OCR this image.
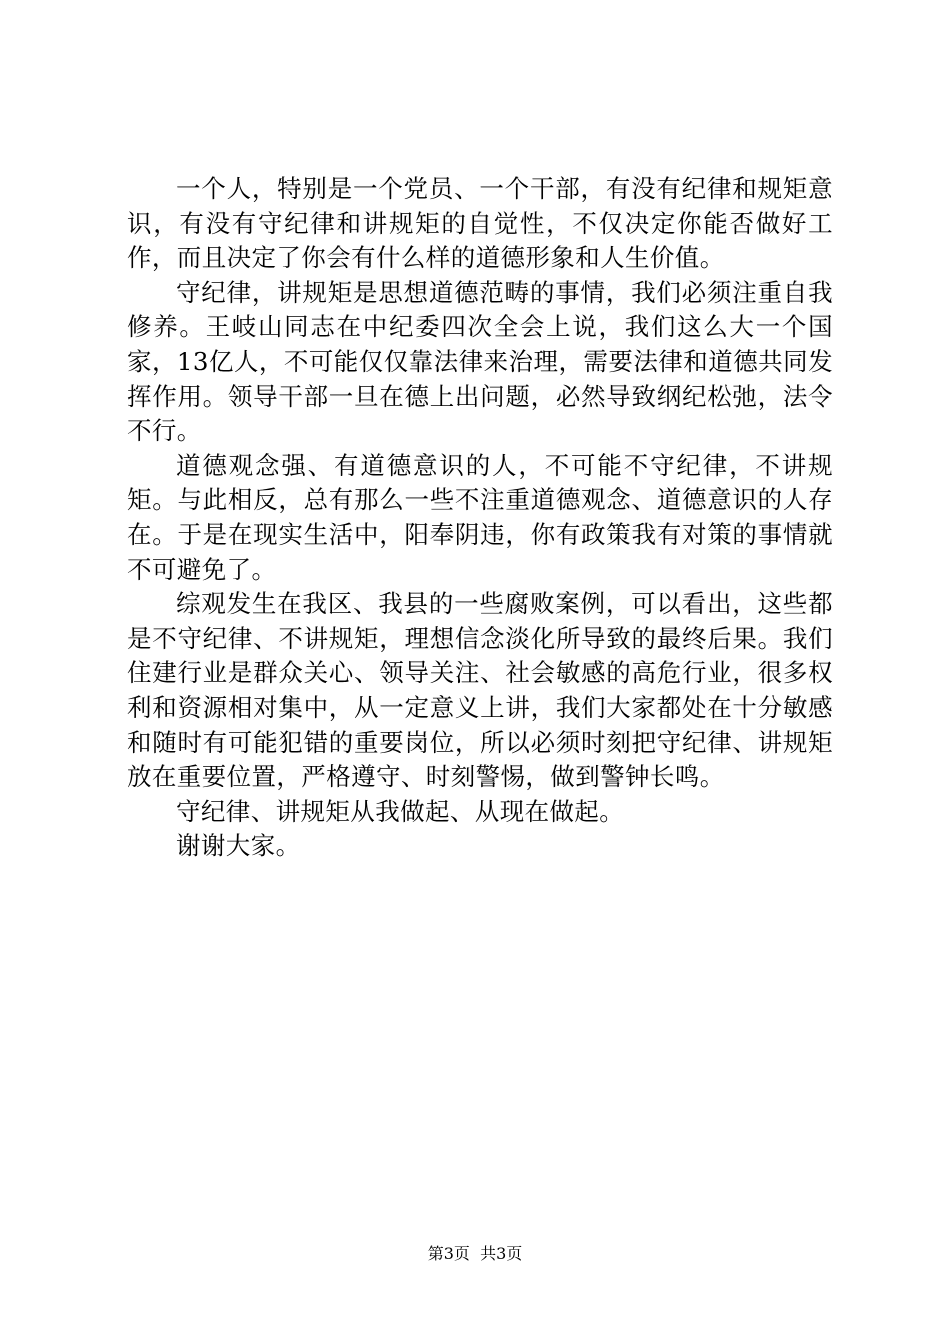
一个人，特别是一个党员、一个干部，有没有纪律和规矩意识，有没有守纪律和讲规矩的自觉性，不仅决定你能否做好工作，而且决定了你会有什么样的道德形象和人生价值。

守纪律，讲规矩是思想道德范畴的事情，我们必须注重自我修养。王岐山同志在中纪委四次全会上说，我们这么大一个国家，13亿人，不可能仅仅靠法律来治理，需要法律和道德共同发挥作用。领导干部一旦在德上出问题，必然导致纲纪松弛，法令不行。

道德观念强、有道德意识的人，不可能不守纪律，不讲规矩。与此相反，总有那么一些不注重道德观念、道德意识的人存在。于是在现实生活中，阳奉阴违，你有政策我有对策的事情就不可避免了。

综观发生在我区、我县的一些腐败案例，可以看出，这些都是不守纪律、不讲规矩，理想信念淡化所导致的最终后果。我们住建行业是群众关心、领导关注、社会敏感的高危行业，很多权利和资源相对集中，从一定意义上讲，我们大家都处在十分敏感和随时有可能犯错的重要岗位，所以必须时刻把守纪律、讲规矩放在重要位置，严格遵守、时刻警惕，做到警钟长鸣。

守纪律、讲规矩从我做起、从现在做起。

谢谢大家。

第3页  共3页
